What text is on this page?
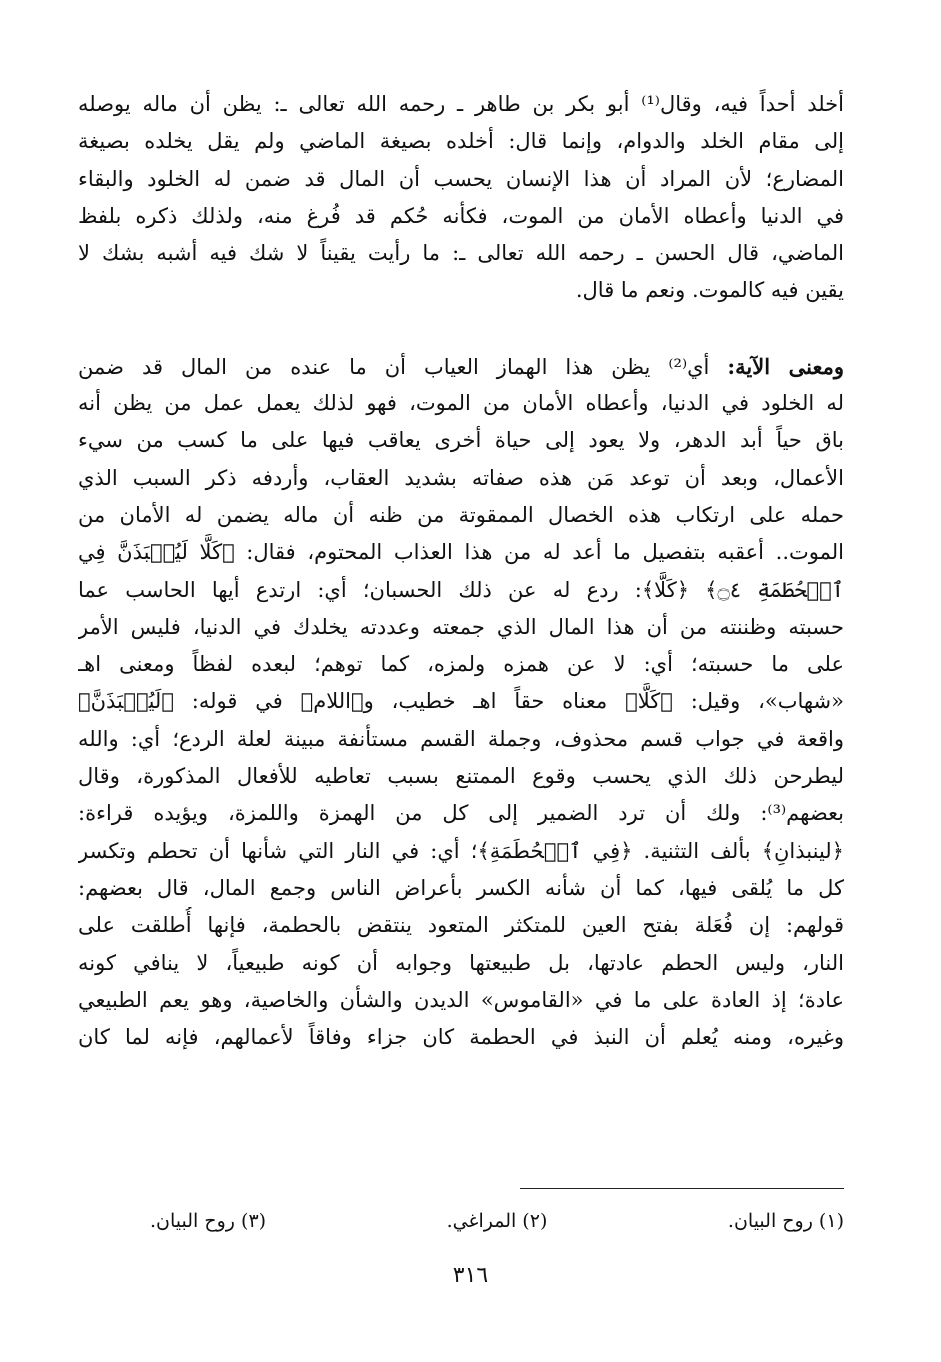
أخلد أحداً فيه، وقال⁽¹⁾ أبو بكر بن طاهر ـ رحمه الله تعالى ـ: يظن أن ماله يوصله
إلى مقام الخلد والدوام، وإنما قال: أخلده بصيغة الماضي ولم يقل يخلده بصيغة
المضارع؛ لأن المراد أن هذا الإنسان يحسب أن المال قد ضمن له الخلود والبقاء
في الدنيا وأعطاه الأمان من الموت، فكأنه حُكم قد فُرغ منه، ولذلك ذكره بلفظ
الماضي، قال الحسن ـ رحمه الله تعالى ـ: ما رأيت يقيناً لا شك فيه أشبه بشك لا
يقين فيه كالموت. ونعم ما قال.
ومعنى الآية: أي⁽²⁾ يظن هذا الهماز العياب أن ما عنده من المال قد ضمن
له الخلود في الدنيا، وأعطاه الأمان من الموت، فهو لذلك يعمل عمل من يظن أنه
باق حياً أبد الدهر، ولا يعود إلى حياة أخرى يعاقب فيها على ما كسب من سيء
الأعمال، وبعد أن توعد مَن هذه صفاته بشديد العقاب، وأردفه ذكر السبب الذي
حمله على ارتكاب هذه الخصال الممقوتة من ظنه أن ماله يضمن له الأمان من
الموت.. أعقبه بتفصيل ما أعد له من هذا العذاب المحتوم، فقال: ﴿كَلَّا لَيُنۢبَذَنَّ فِي
ٱلۡحُطَمَةِ ۝٤﴾ ﴿كَلَّا﴾: ردع له عن ذلك الحسبان؛ أي: ارتدع أيها الحاسب عما
حسبته وظننته من أن هذا المال الذي جمعته وعددته يخلدك في الدنيا، فليس الأمر
على ما حسبته؛ أي: لا عن همزه ولمزه، كما توهم؛ لبعده لفظاً ومعنى اهـ
«شهاب»، وقيل: ﴿كَلَّا﴾ معناه حقاً اهـ خطيب، و﴿اللام﴾ في قوله: ﴿لَيُنۢبَذَنَّ﴾
واقعة في جواب قسم محذوف، وجملة القسم مستأنفة مبينة لعلة الردع؛ أي: والله
ليطرحن ذلك الذي يحسب وقوع الممتنع بسبب تعاطيه للأفعال المذكورة، وقال
بعضهم⁽³⁾: ولك أن ترد الضمير إلى كل من الهمزة واللمزة، ويؤيده قراءة:
﴿لينبذانِ﴾ بألف التثنية. ﴿فِي ٱلۡحُطَمَةِ﴾؛ أي: في النار التي شأنها أن تحطم وتكسر
كل ما يُلقى فيها، كما أن شأنه الكسر بأعراض الناس وجمع المال، قال بعضهم:
قولهم: إن فُعَلة بفتح العين للمتكثر المتعود ينتقض بالحطمة، فإنها أُطلقت على
النار، وليس الحطم عادتها، بل طبيعتها وجوابه أن كونه طبيعياً، لا ينافي كونه
عادة؛ إذ العادة على ما في «القاموس» الديدن والشأن والخاصية، وهو يعم الطبيعي
وغيره، ومنه يُعلم أن النبذ في الحطمة كان جزاء وفاقاً لأعمالهم، فإنه لما كان
(١) روح البيان.
(٢) المراغي.
(٣) روح البيان.
٣١٦
